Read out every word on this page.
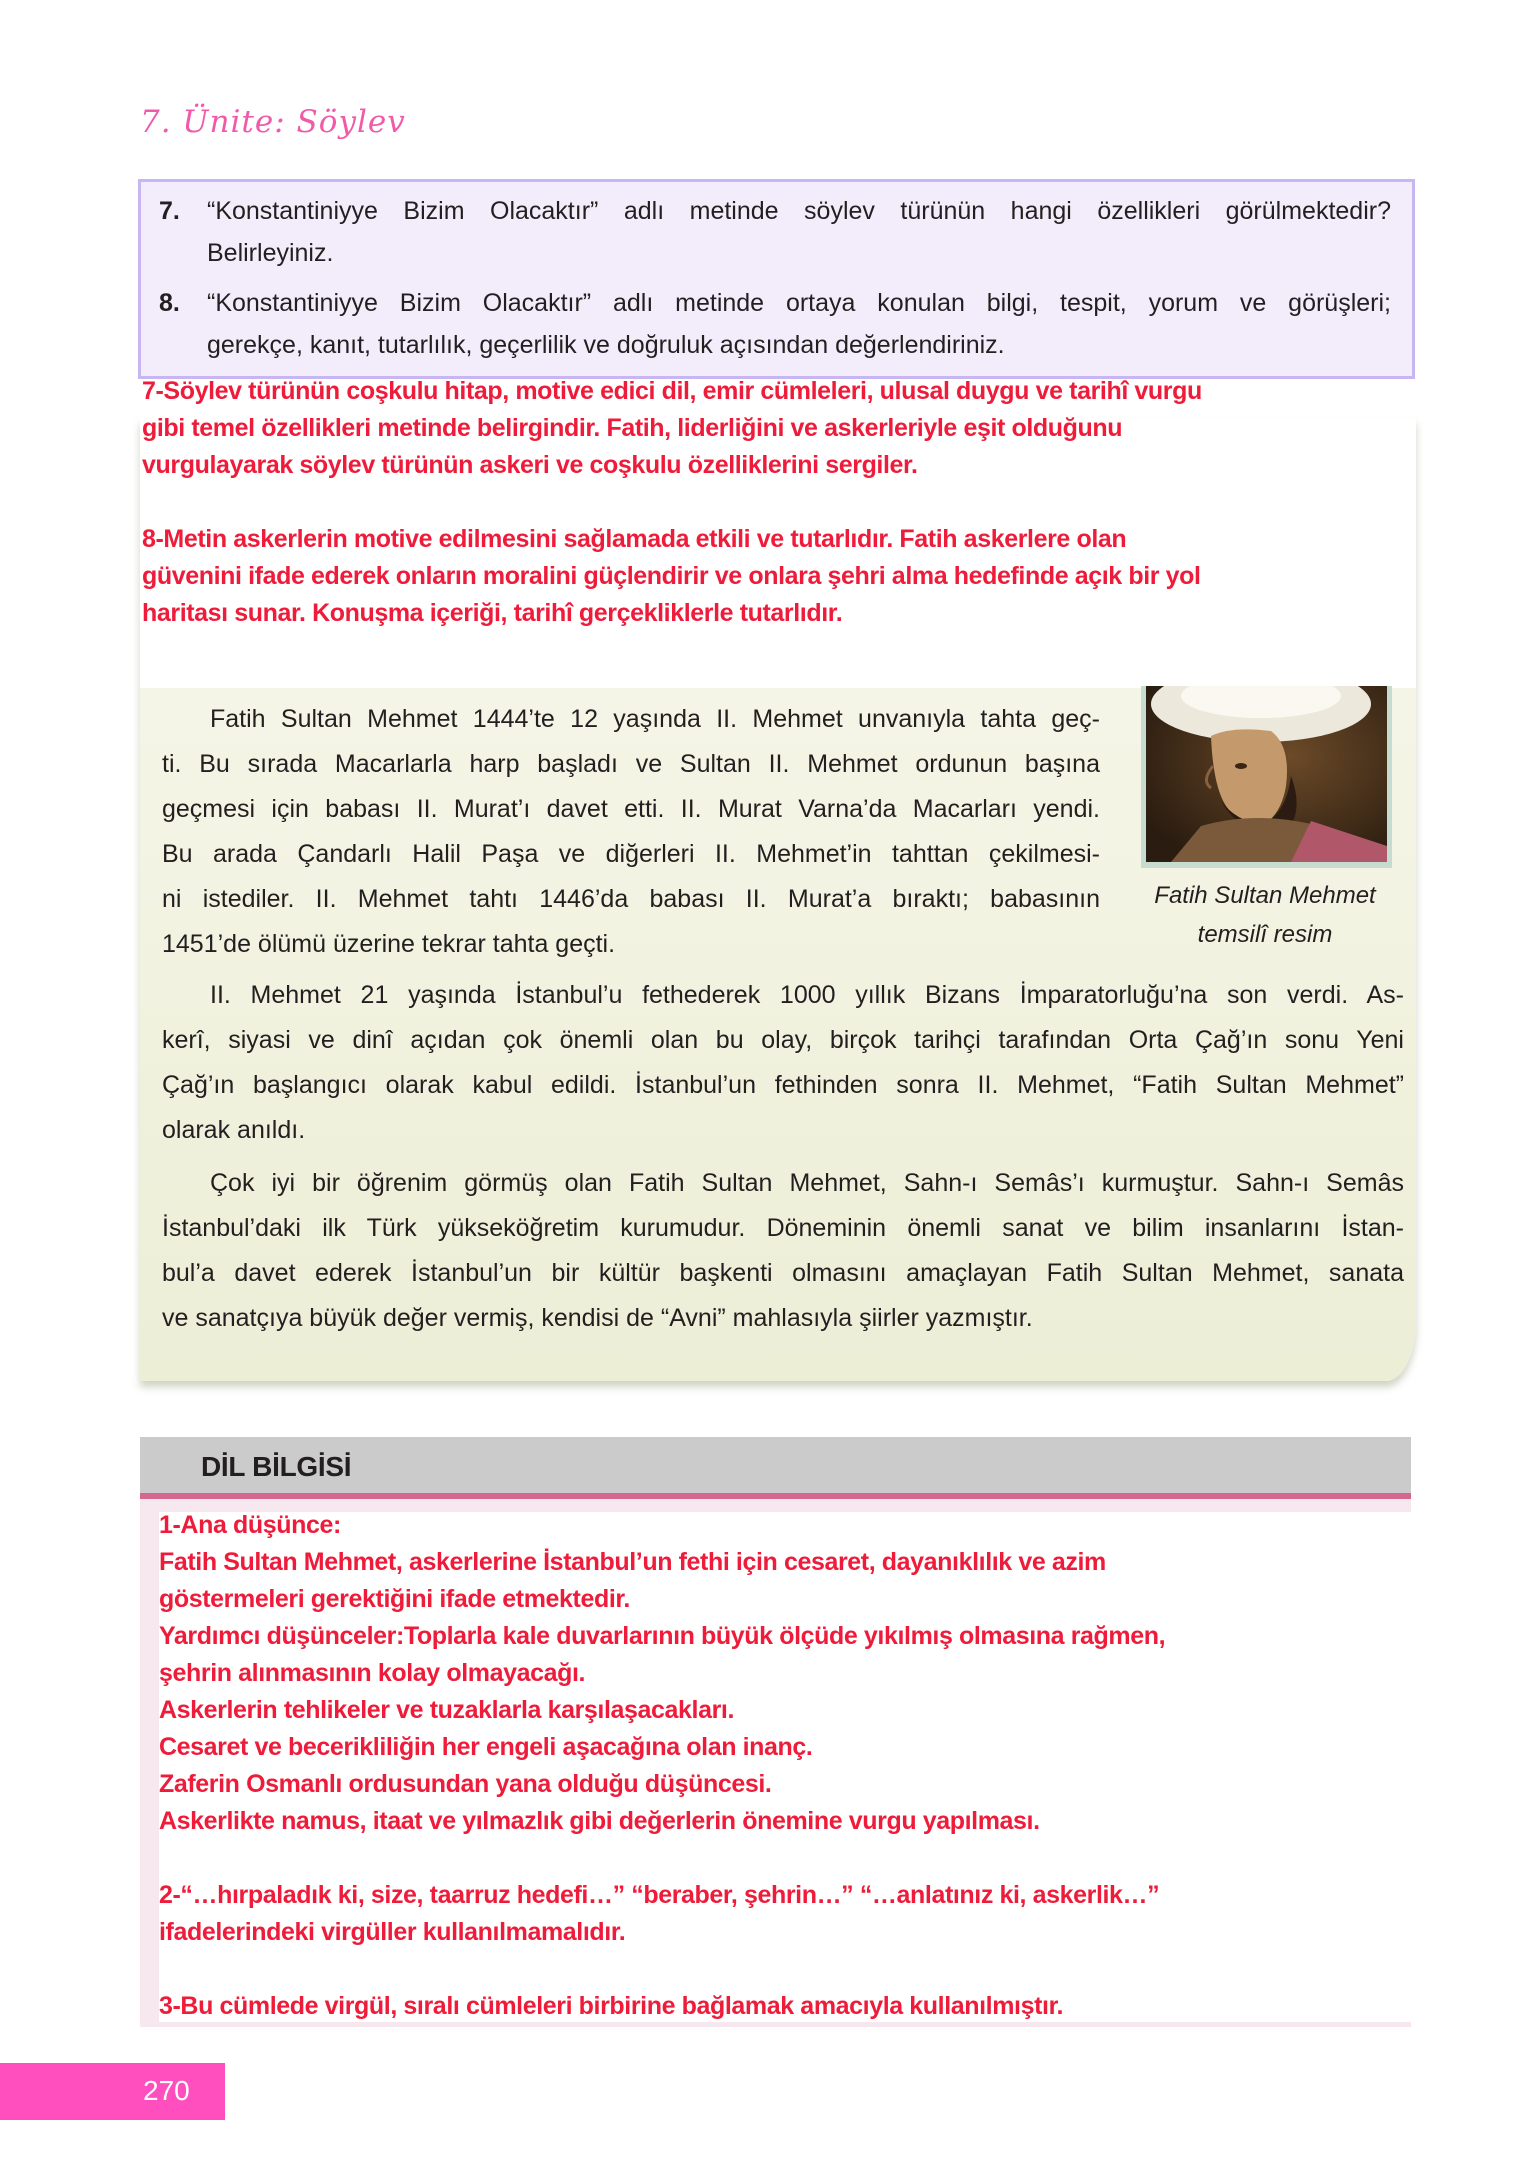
7. Ünite: Söylev
7. “Konstantiniyye Bizim Olacaktır” adlı metinde söylev türünün hangi özellikleri görülmektedir?
Belirleyiniz.
8. “Konstantiniyye Bizim Olacaktır” adlı metinde ortaya konulan bilgi, tespit, yorum ve görüşleri;
gerekçe, kanıt, tutarlılık, geçerlilik ve doğruluk açısından değerlendiriniz.
7-Söylev türünün coşkulu hitap, motive edici dil, emir cümleleri, ulusal duygu ve tarihî vurgu
gibi temel özellikleri metinde belirgindir. Fatih, liderliğini ve askerleriyle eşit olduğunu
vurgulayarak söylev türünün askeri ve coşkulu özelliklerini sergiler.
8-Metin askerlerin motive edilmesini sağlamada etkili ve tutarlıdır. Fatih askerlere olan
güvenini ifade ederek onların moralini güçlendirir ve onlara şehri alma hedefinde açık bir yol
haritası sunar. Konuşma içeriği, tarihî gerçekliklerle tutarlıdır.
Fatih Sultan Mehmet 1444’te 12 yaşında II. Mehmet unvanıyla tahta geç-
ti. Bu sırada Macarlarla harp başladı ve Sultan II. Mehmet ordunun başına
geçmesi için babası II. Murat’ı davet etti. II. Murat Varna’da Macarları yendi.
Bu arada Çandarlı Halil Paşa ve diğerleri II. Mehmet’in tahttan çekilmesi-
ni istediler. II. Mehmet tahtı 1446’da babası II. Murat’a bıraktı; babasının
1451’de ölümü üzerine tekrar tahta geçti.
Fatih Sultan Mehmet
temsilî resim
II. Mehmet 21 yaşında İstanbul’u fethederek 1000 yıllık Bizans İmparatorluğu’na son verdi. As-
kerî, siyasi ve dinî açıdan çok önemli olan bu olay, birçok tarihçi tarafından Orta Çağ’ın sonu Yeni
Çağ’ın başlangıcı olarak kabul edildi. İstanbul’un fethinden sonra II. Mehmet, “Fatih Sultan Mehmet”
olarak anıldı.
Çok iyi bir öğrenim görmüş olan Fatih Sultan Mehmet, Sahn-ı Semâs’ı kurmuştur. Sahn-ı Semâs
İstanbul’daki ilk Türk yükseköğretim kurumudur. Döneminin önemli sanat ve bilim insanlarını İstan-
bul’a davet ederek İstanbul’un bir kültür başkenti olmasını amaçlayan Fatih Sultan Mehmet, sanata
ve sanatçıya büyük değer vermiş, kendisi de “Avni” mahlasıyla şiirler yazmıştır.
DİL BİLGİSİ
1-Ana düşünce:
Fatih Sultan Mehmet, askerlerine İstanbul’un fethi için cesaret, dayanıklılık ve azim
göstermeleri gerektiğini ifade etmektedir.
Yardımcı düşünceler:Toplarla kale duvarlarının büyük ölçüde yıkılmış olmasına rağmen,
şehrin alınmasının kolay olmayacağı.
Askerlerin tehlikeler ve tuzaklarla karşılaşacakları.
Cesaret ve becerikliliğin her engeli aşacağına olan inanç.
Zaferin Osmanlı ordusundan yana olduğu düşüncesi.
Askerlikte namus, itaat ve yılmazlık gibi değerlerin önemine vurgu yapılması.
2-“…hırpaladık ki, size, taarruz hedefi…” “beraber, şehrin…” “…anlatınız ki, askerlik…”
ifadelerindeki virgüller kullanılmamalıdır.
3-Bu cümlede virgül, sıralı cümleleri birbirine bağlamak amacıyla kullanılmıştır.
270
